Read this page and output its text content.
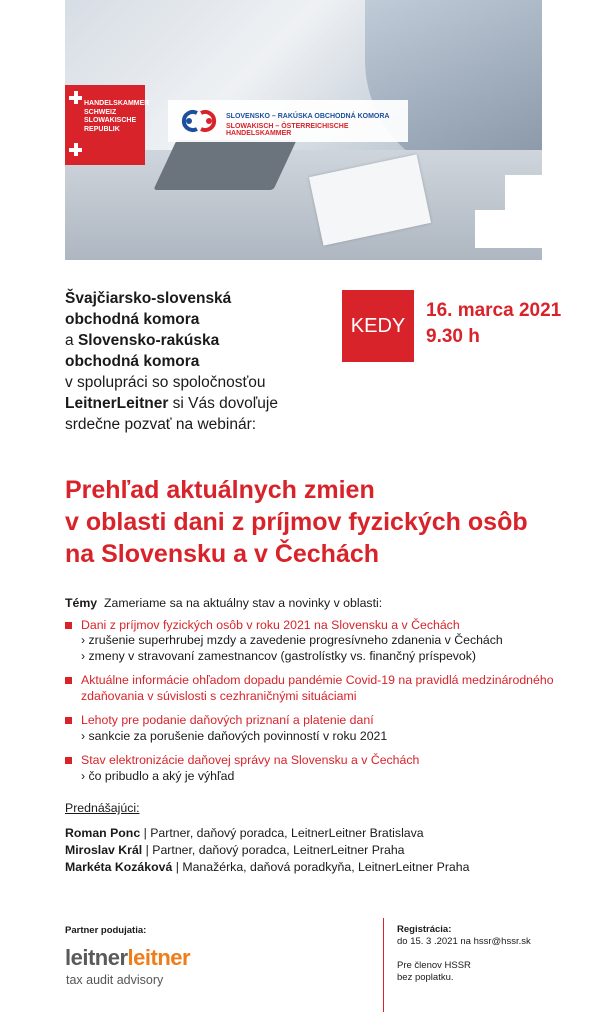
HANDELSKAMMER
SCHWEIZ
SLOWAKISCHE
REPUBLIK
SLOVENSKO – RAKÚSKA OBCHODNÁ KOMORA
SLOWAKISCH – ÖSTERREICHISCHE HANDELSKAMMER
Švajčiarsko-slovenská
obchodná komora
a Slovensko-rakúska
obchodná komora
v spolupráci so spoločnosťou
LeitnerLeitner si Vás dovoľuje
srdečne pozvať na webinár:
KEDY
16. marca 2021
9.30 h
Prehľad aktuálnych zmien
v oblasti dani z príjmov fyzických osôb
na Slovensku a v Čechách
Témy Zameriame sa na aktuálny stav a novinky v oblasti:
Dani z príjmov fyzických osôb v roku 2021 na Slovensku a v Čechách
› zrušenie superhrubej mzdy a zavedenie progresívneho zdanenia v Čechách
› zmeny v stravovaní zamestnancov (gastrolístky vs. finančný príspevok)
Aktuálne informácie ohľadom dopadu pandémie Covid-19 na pravidlá medzinárodného zdaňovania v súvislosti s cezhraničnými situáciami
Lehoty pre podanie daňových priznaní a platenie daní
› sankcie za porušenie daňových povinností v roku 2021
Stav elektronizácie daňovej správy na Slovensku a v Čechách
› čo pribudlo a aký je výhľad
Prednášajúci:
Roman Ponc | Partner, daňový poradca, LeitnerLeitner Bratislava
Miroslav Král | Partner, daňový poradca, LeitnerLeitner Praha
Markéta Kozáková | Manažérka, daňová poradkyňa, LeitnerLeitner Praha
Partner podujatia:
leitnerleitner
tax audit advisory
Registrácia:
do 15. 3 .2021 na hssr@hssr.sk
Pre členov HSSR
bez poplatku.
